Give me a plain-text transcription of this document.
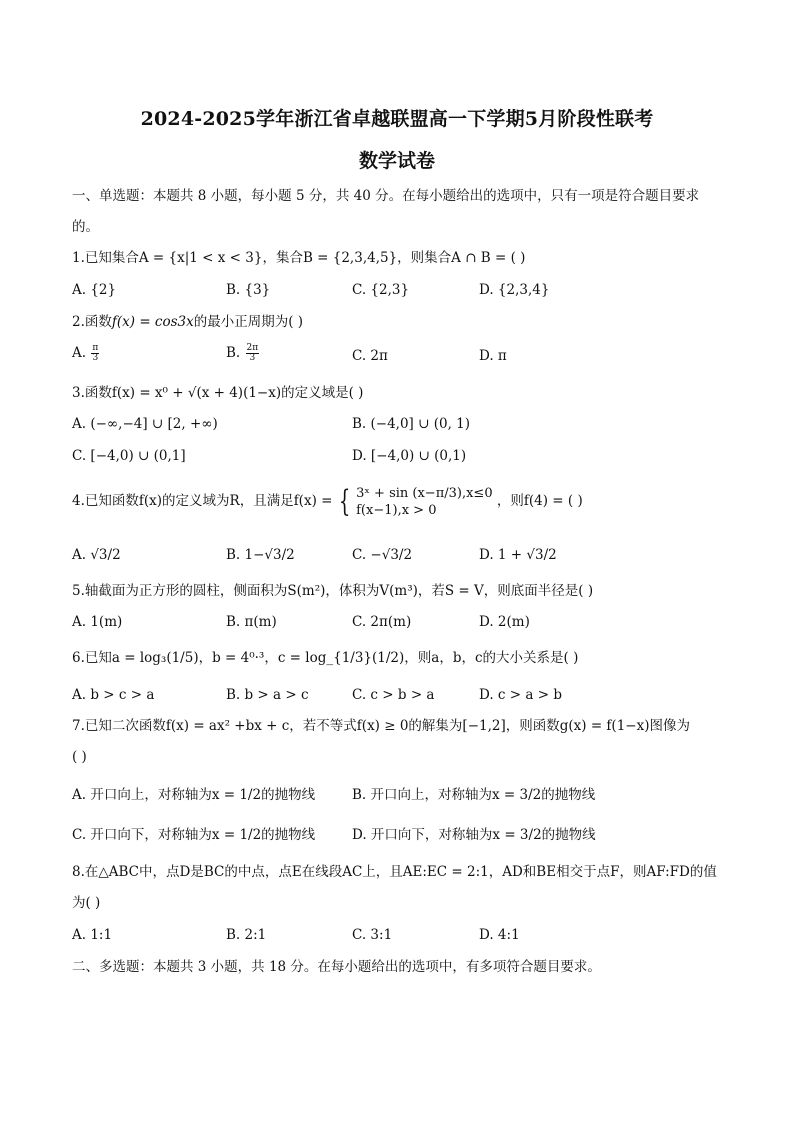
2024-2025学年浙江省卓越联盟高一下学期5月阶段性联考
数学试卷
一、单选题：本题共 8 小题，每小题 5 分，共 40 分。在每小题给出的选项中，只有一项是符合题目要求
的。
1.已知集合A = {x|1 < x < 3}，集合B = {2,3,4,5}，则集合A ∩ B = ( )
A. {2}	B. {3}	C. {2,3}	D. {2,3,4}
2.函数f(x) = cos3x的最小正周期为( )
A. $\frac{\pi}{3}$	B. $\frac{2\pi}{3}$	C. 2π	D. π
3.函数f(x) = x⁰ + √(x + 4)(1−x)的定义域是( )
A. (−∞,−4] ∪ [2, +∞)	B. (−4,0] ∪ (0, 1)
C. [−4,0) ∪ (0,1]	D. [−4,0) ∪ (0,1)
4.已知函数f(x)的定义域为R，且满足f(x) = { 3ˣ + sin (x−π/3),x≤0
f(x−1),x > 0
，则f(4) = ( )
A. √3/2	B. 1−√3/2	C. −√3/2	D. 1 + √3/2
5.轴截面为正方形的圆柱，侧面积为S(m²)，体积为V(m³)，若S = V，则底面半径是( )
A. 1(m)	B. π(m)	C. 2π(m)	D. 2(m)
6.已知a = log₃(1/5)，b = 4⁰·³，c = log_{1/3}(1/2)，则a，b，c的大小关系是( )
A. b > c > a	B. b > a > c	C. c > b > a	D. c > a > b
7.已知二次函数f(x) = ax² +bx + c，若不等式f(x) ≥ 0的解集为[−1,2]，则函数g(x) = f(1−x)图像为
( )
A. 开口向上，对称轴为x = 1/2的抛物线	B. 开口向上，对称轴为x = 3/2的抛物线
C. 开口向下，对称轴为x = 1/2的抛物线	D. 开口向下，对称轴为x = 3/2的抛物线
8.在△ABC中，点D是BC的中点，点E在线段AC上，且AE:EC = 2:1，AD和BE相交于点F，则AF:FD的值
为( )
A. 1:1	B. 2:1	C. 3:1	D. 4:1
二、多选题：本题共 3 小题，共 18 分。在每小题给出的选项中，有多项符合题目要求。
